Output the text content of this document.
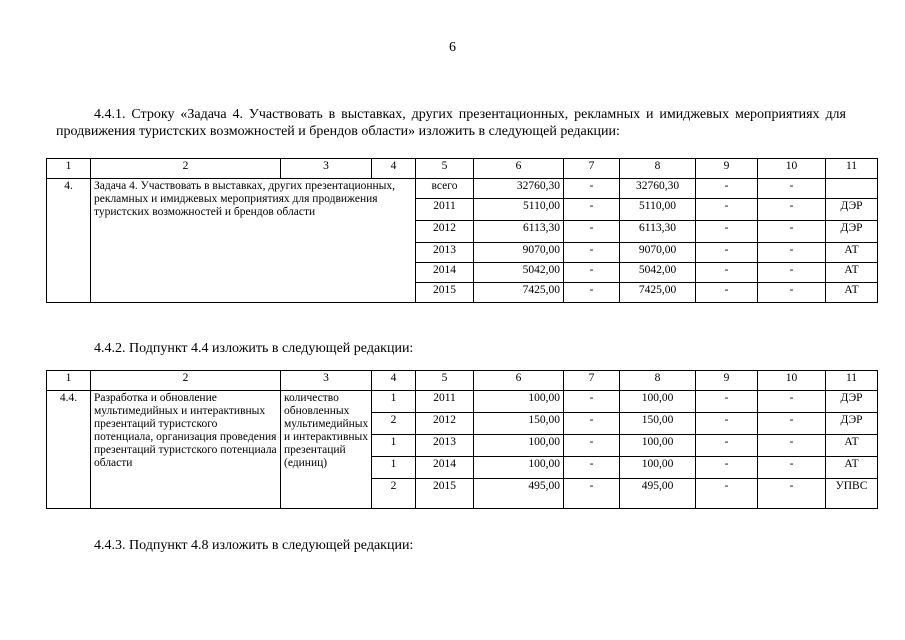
6
4.4.1. Строку «Задача 4. Участвовать в выставках, других презентационных, рекламных и имиджевых мероприятиях для продвижения туристских возможностей и брендов области» изложить в следующей редакции:
1	2	3	4	5	6	7	8	9	10	11
4.	Задача 4. Участвовать в выставках, других презентационных, рекламных и имиджевых мероприятиях для продвижения туристских возможностей и брендов области			всего	32760,30	-	32760,30	-	-	
				2011	5110,00	-	5110,00	-	-	ДЭР
				2012	6113,30	-	6113,30	-	-	ДЭР
				2013	9070,00	-	9070,00	-	-	АТ
				2014	5042,00	-	5042,00	-	-	АТ
				2015	7425,00	-	7425,00	-	-	АТ
4.4.2. Подпункт 4.4 изложить в следующей редакции:
1	2	3	4	5	6	7	8	9	10	11
4.4.	Разработка и обновление мультимедийных и интерактивных презентаций туристского потенциала, организация проведения презентаций туристского потенциала области	количество обновленных мультимедийных и интерактивных презентаций (единиц)	1	2011	100,00	-	100,00	-	-	ДЭР
			2	2012	150,00	-	150,00	-	-	ДЭР
			1	2013	100,00	-	100,00	-	-	АТ
			1	2014	100,00	-	100,00	-	-	АТ
			2	2015	495,00	-	495,00	-	-	УПВС
4.4.3. Подпункт 4.8 изложить в следующей редакции:
